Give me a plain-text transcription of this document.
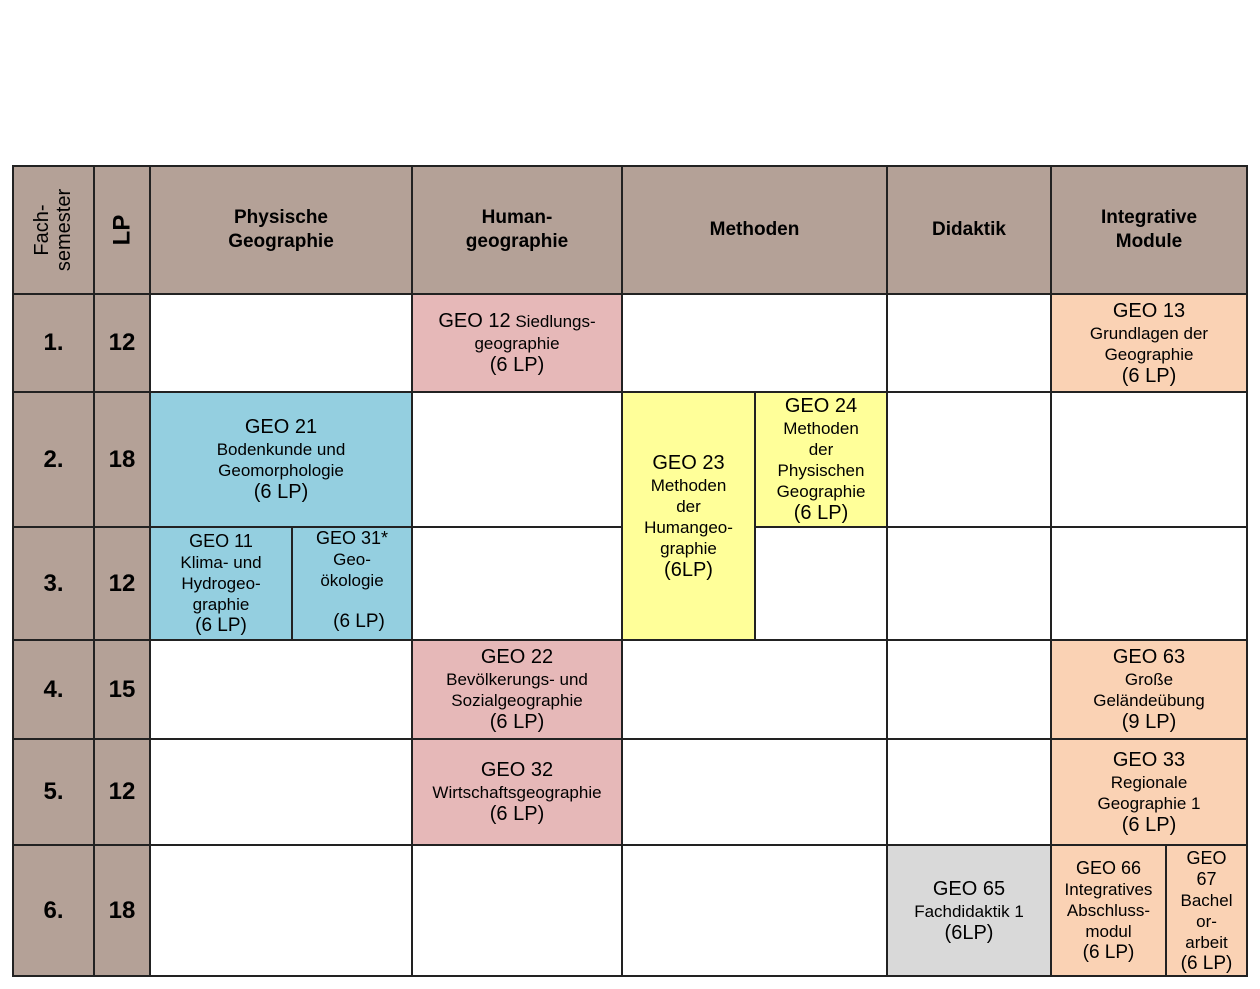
Fach- semester LP	Physische
Geographie
Human-
geographie
Methoden	Didaktik
Integrative
Module
1. 12
2. 18
3. 12
4. 15
5. 12
6. 18
GEO 12 Siedlungs-
geographie
(6 LP)
GEO 13
Grundlagen der
Geographie
(6 LP)
GEO 21
Bodenkunde und
Geomorphologie
(6 LP)
GEO 23
Methoden
der
Humangeo-
graphie
(6LP)
GEO 24
Methoden
der
Physischen
Geographie
(6 LP)
GEO 11
Klima- und
Hydrogeo-
graphie
(6 LP)
GEO 31*
Geo-
ökologie
(6 LP)
GEO 22
Bevölkerungs- und
Sozialgeographie
(6 LP)
GEO 63
Große
Geländeübung
(9 LP)
GEO 32
Wirtschaftsgeographie
(6 LP)
GEO 33
Regionale
Geographie 1
(6 LP)
GEO 65
Fachdidaktik 1
(6LP)
GEO 66
Integratives
Abschluss-
modul
(6 LP)
GEO
67
Bachel
or-
arbeit
(6 LP)
